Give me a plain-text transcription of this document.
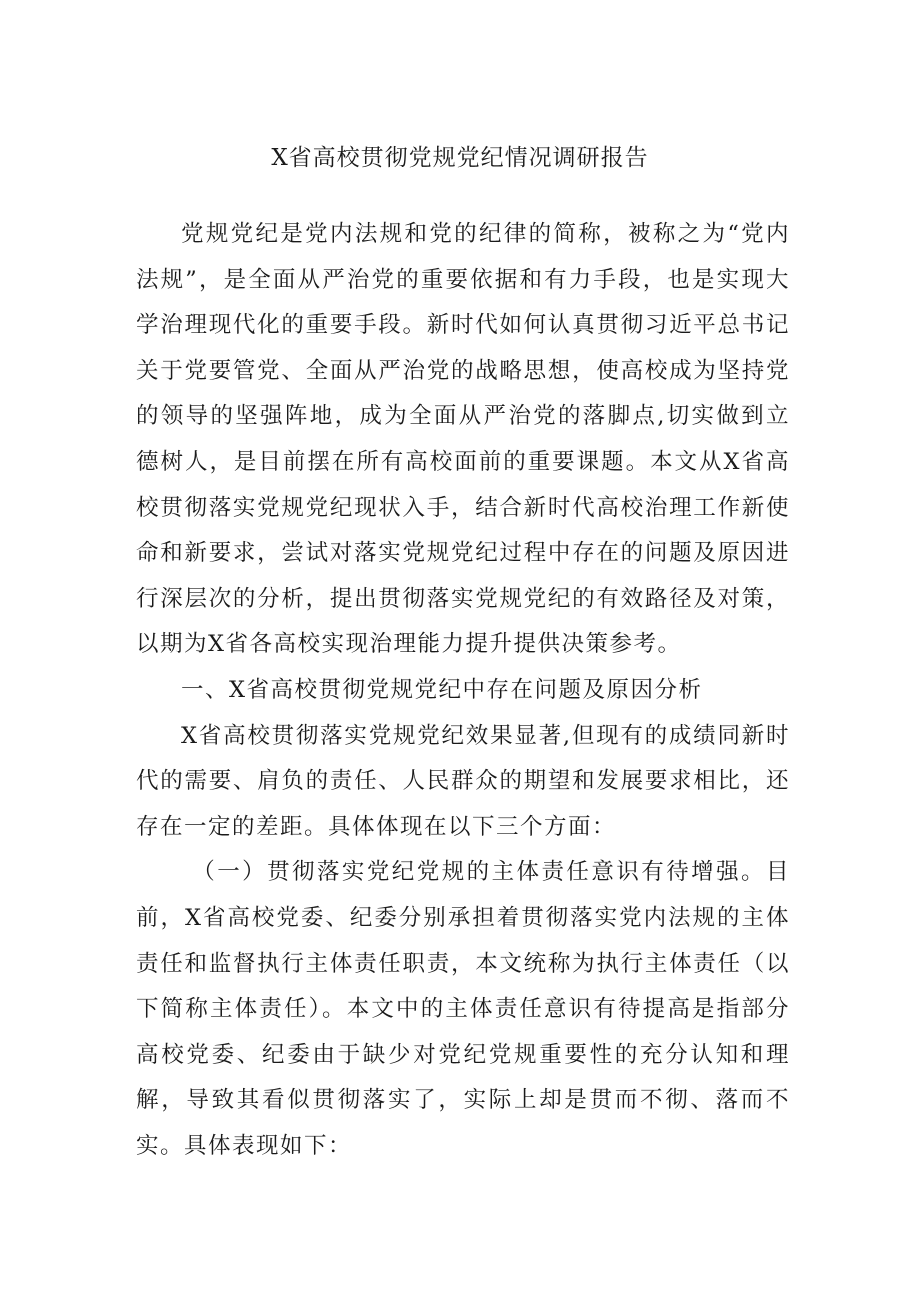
X省高校贯彻党规党纪情况调研报告

党规党纪是党内法规和党的纪律的简称，被称之为“党内法规”，是全面从严治党的重要依据和有力手段，也是实现大学治理现代化的重要手段。新时代如何认真贯彻习近平总书记关于党要管党、全面从严治党的战略思想，使高校成为坚持党的领导的坚强阵地，成为全面从严治党的落脚点,切实做到立德树人，是目前摆在所有高校面前的重要课题。本文从X省高校贯彻落实党规党纪现状入手，结合新时代高校治理工作新使命和新要求，尝试对落实党规党纪过程中存在的问题及原因进行深层次的分析，提出贯彻落实党规党纪的有效路径及对策，以期为X省各高校实现治理能力提升提供决策参考。

一、X省高校贯彻党规党纪中存在问题及原因分析

X省高校贯彻落实党规党纪效果显著,但现有的成绩同新时代的需要、肩负的责任、人民群众的期望和发展要求相比，还存在一定的差距。具体体现在以下三个方面：

（一）贯彻落实党纪党规的主体责任意识有待增强。目前，X省高校党委、纪委分别承担着贯彻落实党内法规的主体责任和监督执行主体责任职责，本文统称为执行主体责任（以下简称主体责任）。本文中的主体责任意识有待提高是指部分高校党委、纪委由于缺少对党纪党规重要性的充分认知和理解，导致其看似贯彻落实了，实际上却是贯而不彻、落而不实。具体表现如下：
